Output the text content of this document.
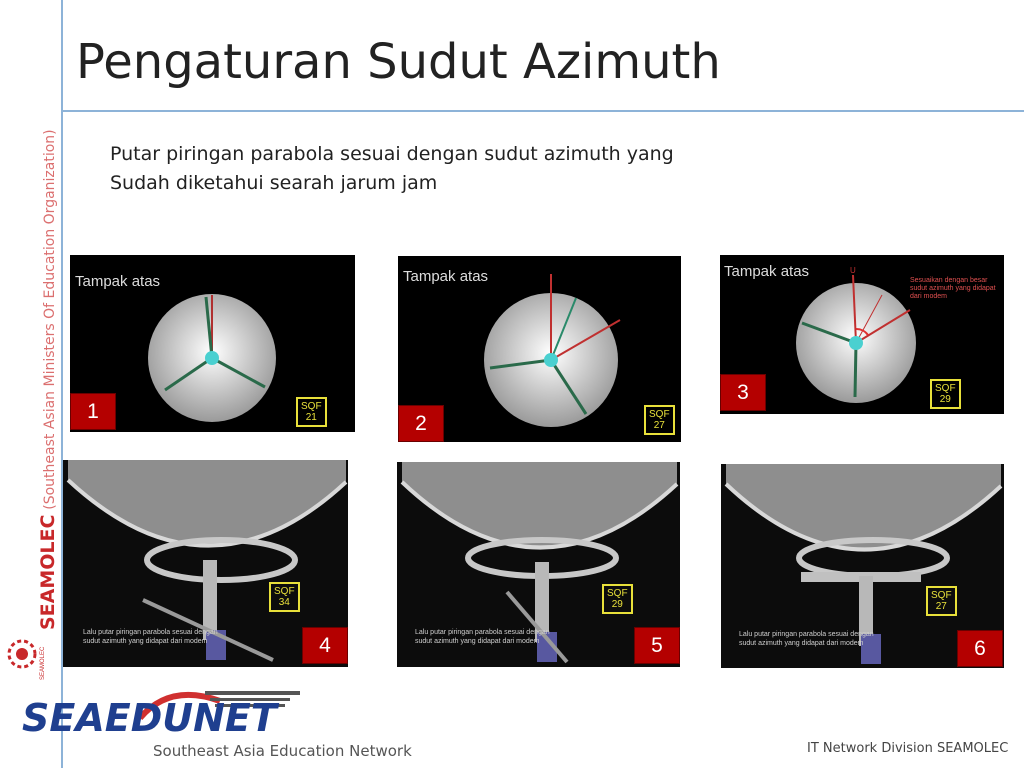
SEAMOLEC (Southeast Asian Ministers Of Education Organization)
SEAMOLEC
Pengaturan Sudut Azimuth
Putar piringan parabola sesuai dengan sudut azimuth yang
Sudah diketahui searah jarum jam
Tampak atas
SQF
21
1
Tampak atas
SQF
27
2
Tampak atas	U
Sesuaikan dengan besar sudut azimuth yang didapat dari modem
SQF
29
3
SQF
34
Lalu putar piringan parabola sesuai dengan sudut azimuth yang didapat dari modem	4
SQF
29
Lalu putar piringan parabola sesuai dengan sudut azimuth yang didapat dari modem	5
SQF
27
Lalu putar piringan parabola sesuai dengan sudut azimuth yang didapat dari modem	6
SEAEDUNET
Southeast Asia Education Network	IT Network Division SEAMOLEC
